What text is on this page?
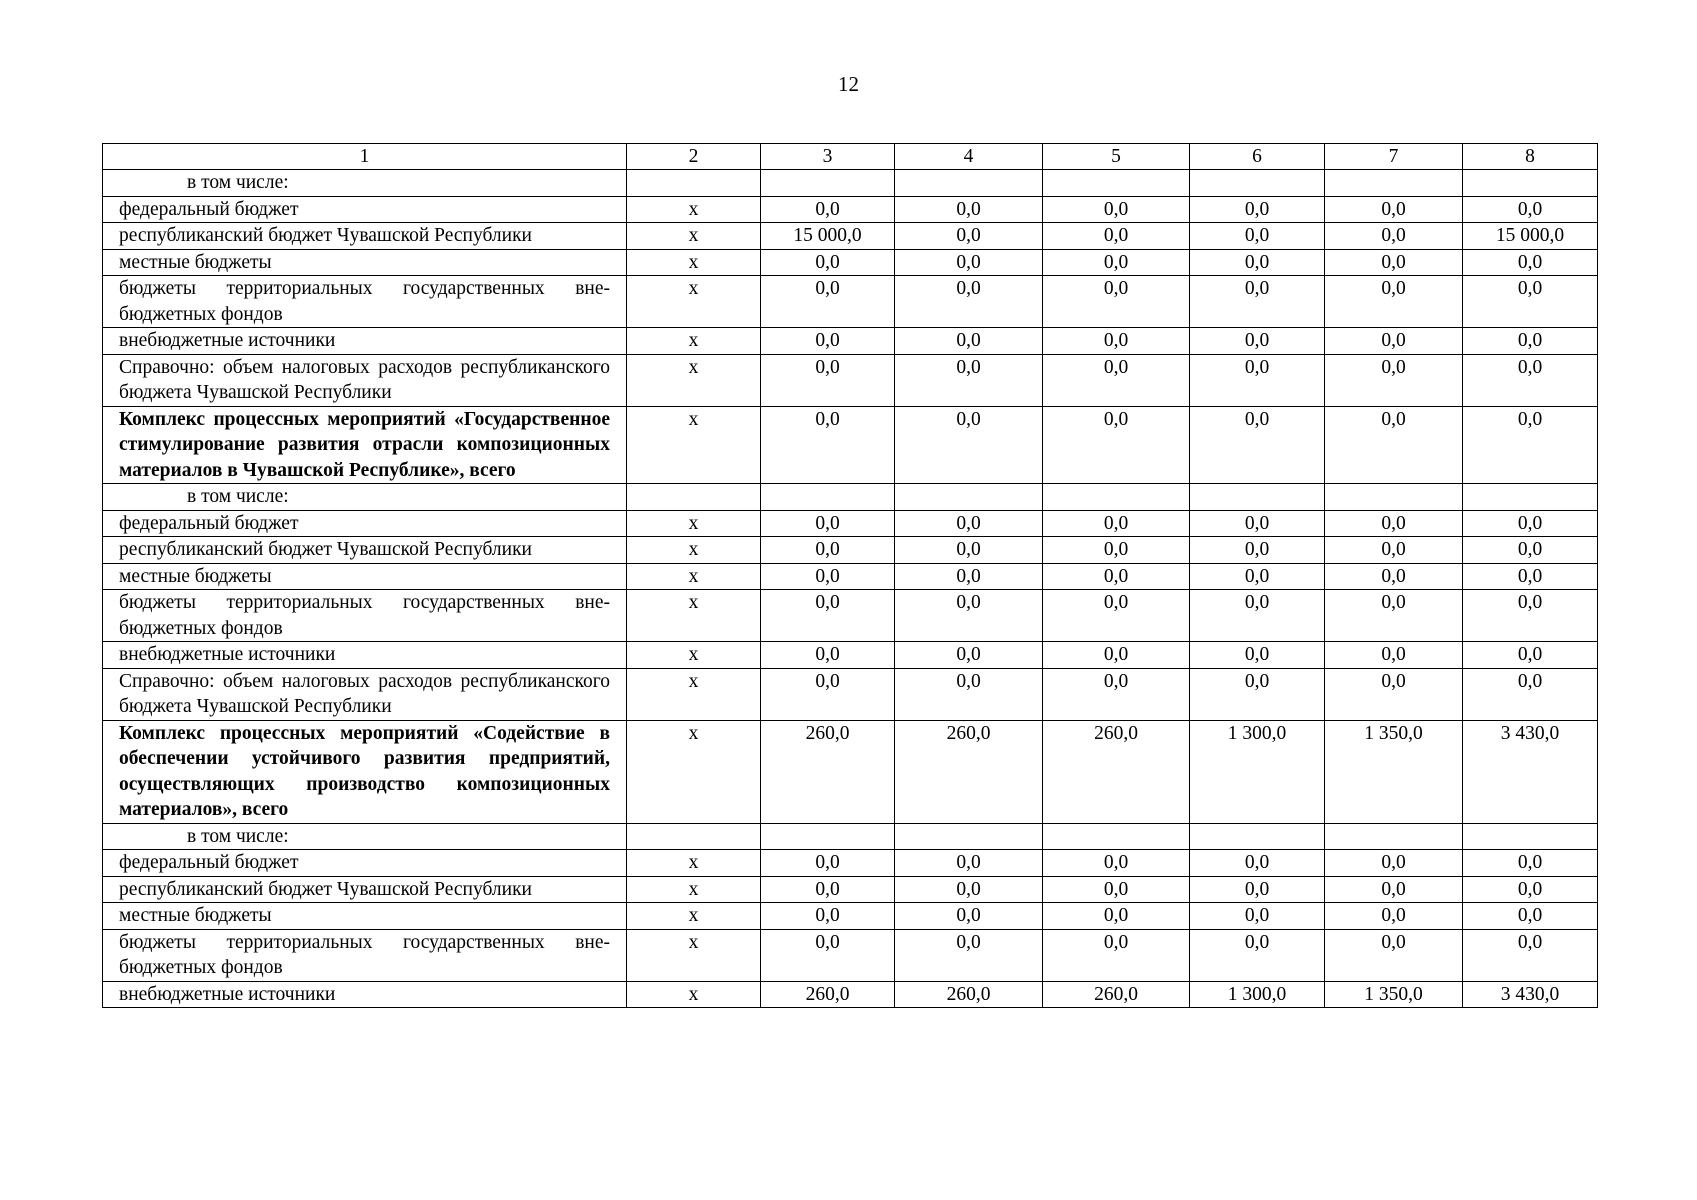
12
1	2	3	4	5	6	7	8
в том числе:							
федеральный бюджет	x	0,0	0,0	0,0	0,0	0,0	0,0
республиканский бюджет Чувашской Республики	x	15 000,0	0,0	0,0	0,0	0,0	15 000,0
местные бюджеты	x	0,0	0,0	0,0	0,0	0,0	0,0
бюджеты территориальных государственных вне-бюджетных фондов	x	0,0	0,0	0,0	0,0	0,0	0,0
внебюджетные источники	x	0,0	0,0	0,0	0,0	0,0	0,0
Справочно: объем налоговых расходов республиканского бюджета Чувашской Республики	x	0,0	0,0	0,0	0,0	0,0	0,0
Комплекс процессных мероприятий «Государственное стимулирование развития отрасли композиционных материалов в Чувашской Республике», всего	x	0,0	0,0	0,0	0,0	0,0	0,0
в том числе:							
федеральный бюджет	x	0,0	0,0	0,0	0,0	0,0	0,0
республиканский бюджет Чувашской Республики	x	0,0	0,0	0,0	0,0	0,0	0,0
местные бюджеты	x	0,0	0,0	0,0	0,0	0,0	0,0
бюджеты территориальных государственных вне-бюджетных фондов	x	0,0	0,0	0,0	0,0	0,0	0,0
внебюджетные источники	x	0,0	0,0	0,0	0,0	0,0	0,0
Справочно: объем налоговых расходов республиканского бюджета Чувашской Республики	x	0,0	0,0	0,0	0,0	0,0	0,0
Комплекс процессных мероприятий «Содействие в обеспечении устойчивого развития предприятий, осуществляющих производство композиционных материалов», всего	x	260,0	260,0	260,0	1 300,0	1 350,0	3 430,0
в том числе:							
федеральный бюджет	x	0,0	0,0	0,0	0,0	0,0	0,0
республиканский бюджет Чувашской Республики	x	0,0	0,0	0,0	0,0	0,0	0,0
местные бюджеты	x	0,0	0,0	0,0	0,0	0,0	0,0
бюджеты территориальных государственных вне-бюджетных фондов	x	0,0	0,0	0,0	0,0	0,0	0,0
внебюджетные источники	x	260,0	260,0	260,0	1 300,0	1 350,0	3 430,0
